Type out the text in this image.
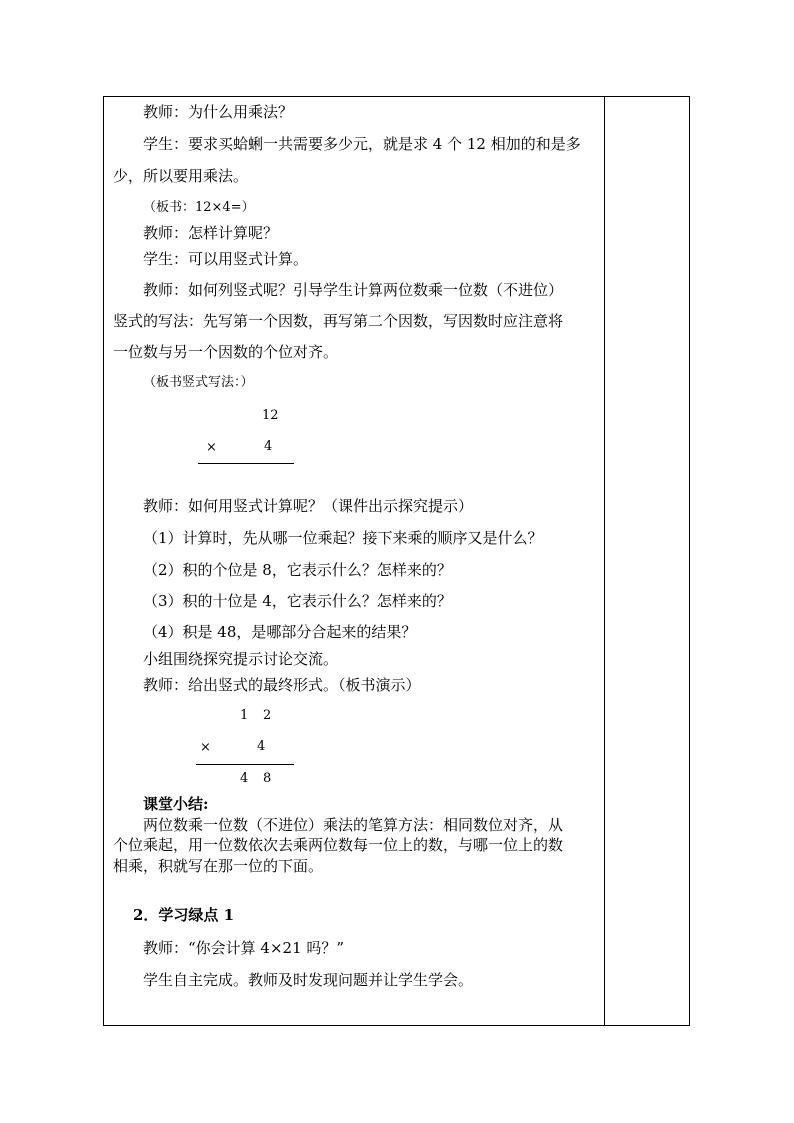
教师：为什么用乘法？
学生：要求买蛤蜊一共需要多少元，就是求 4 个 12 相加的和是多
少，所以要用乘法。
（板书：12×4=）
教师：怎样计算呢？
学生：可以用竖式计算。
教师：如何列竖式呢？引导学生计算两位数乘一位数（不进位）
竖式的写法：先写第一个因数，再写第二个因数，写因数时应注意将
一位数与另一个因数的个位对齐。
（板书竖式写法：）
12
×	4
教师：如何用竖式计算呢？（课件出示探究提示）
（1）计算时，先从哪一位乘起？接下来乘的顺序又是什么？
（2）积的个位是 8，它表示什么？怎样来的？
（3）积的十位是 4，它表示什么？怎样来的？
（4）积是 48，是哪部分合起来的结果？
小组围绕探究提示讨论交流。
教师：给出竖式的最终形式。（板书演示）
1 2
×	4
4 8
课堂小结:
两位数乘一位数（不进位）乘法的笔算方法：相同数位对齐，从
个位乘起，用一位数依次去乘两位数每一位上的数，与哪一位上的数
相乘，积就写在那一位的下面。
2．学习绿点 1
教师：“你会计算 4×21 吗？”
学生自主完成。教师及时发现问题并让学生学会。
